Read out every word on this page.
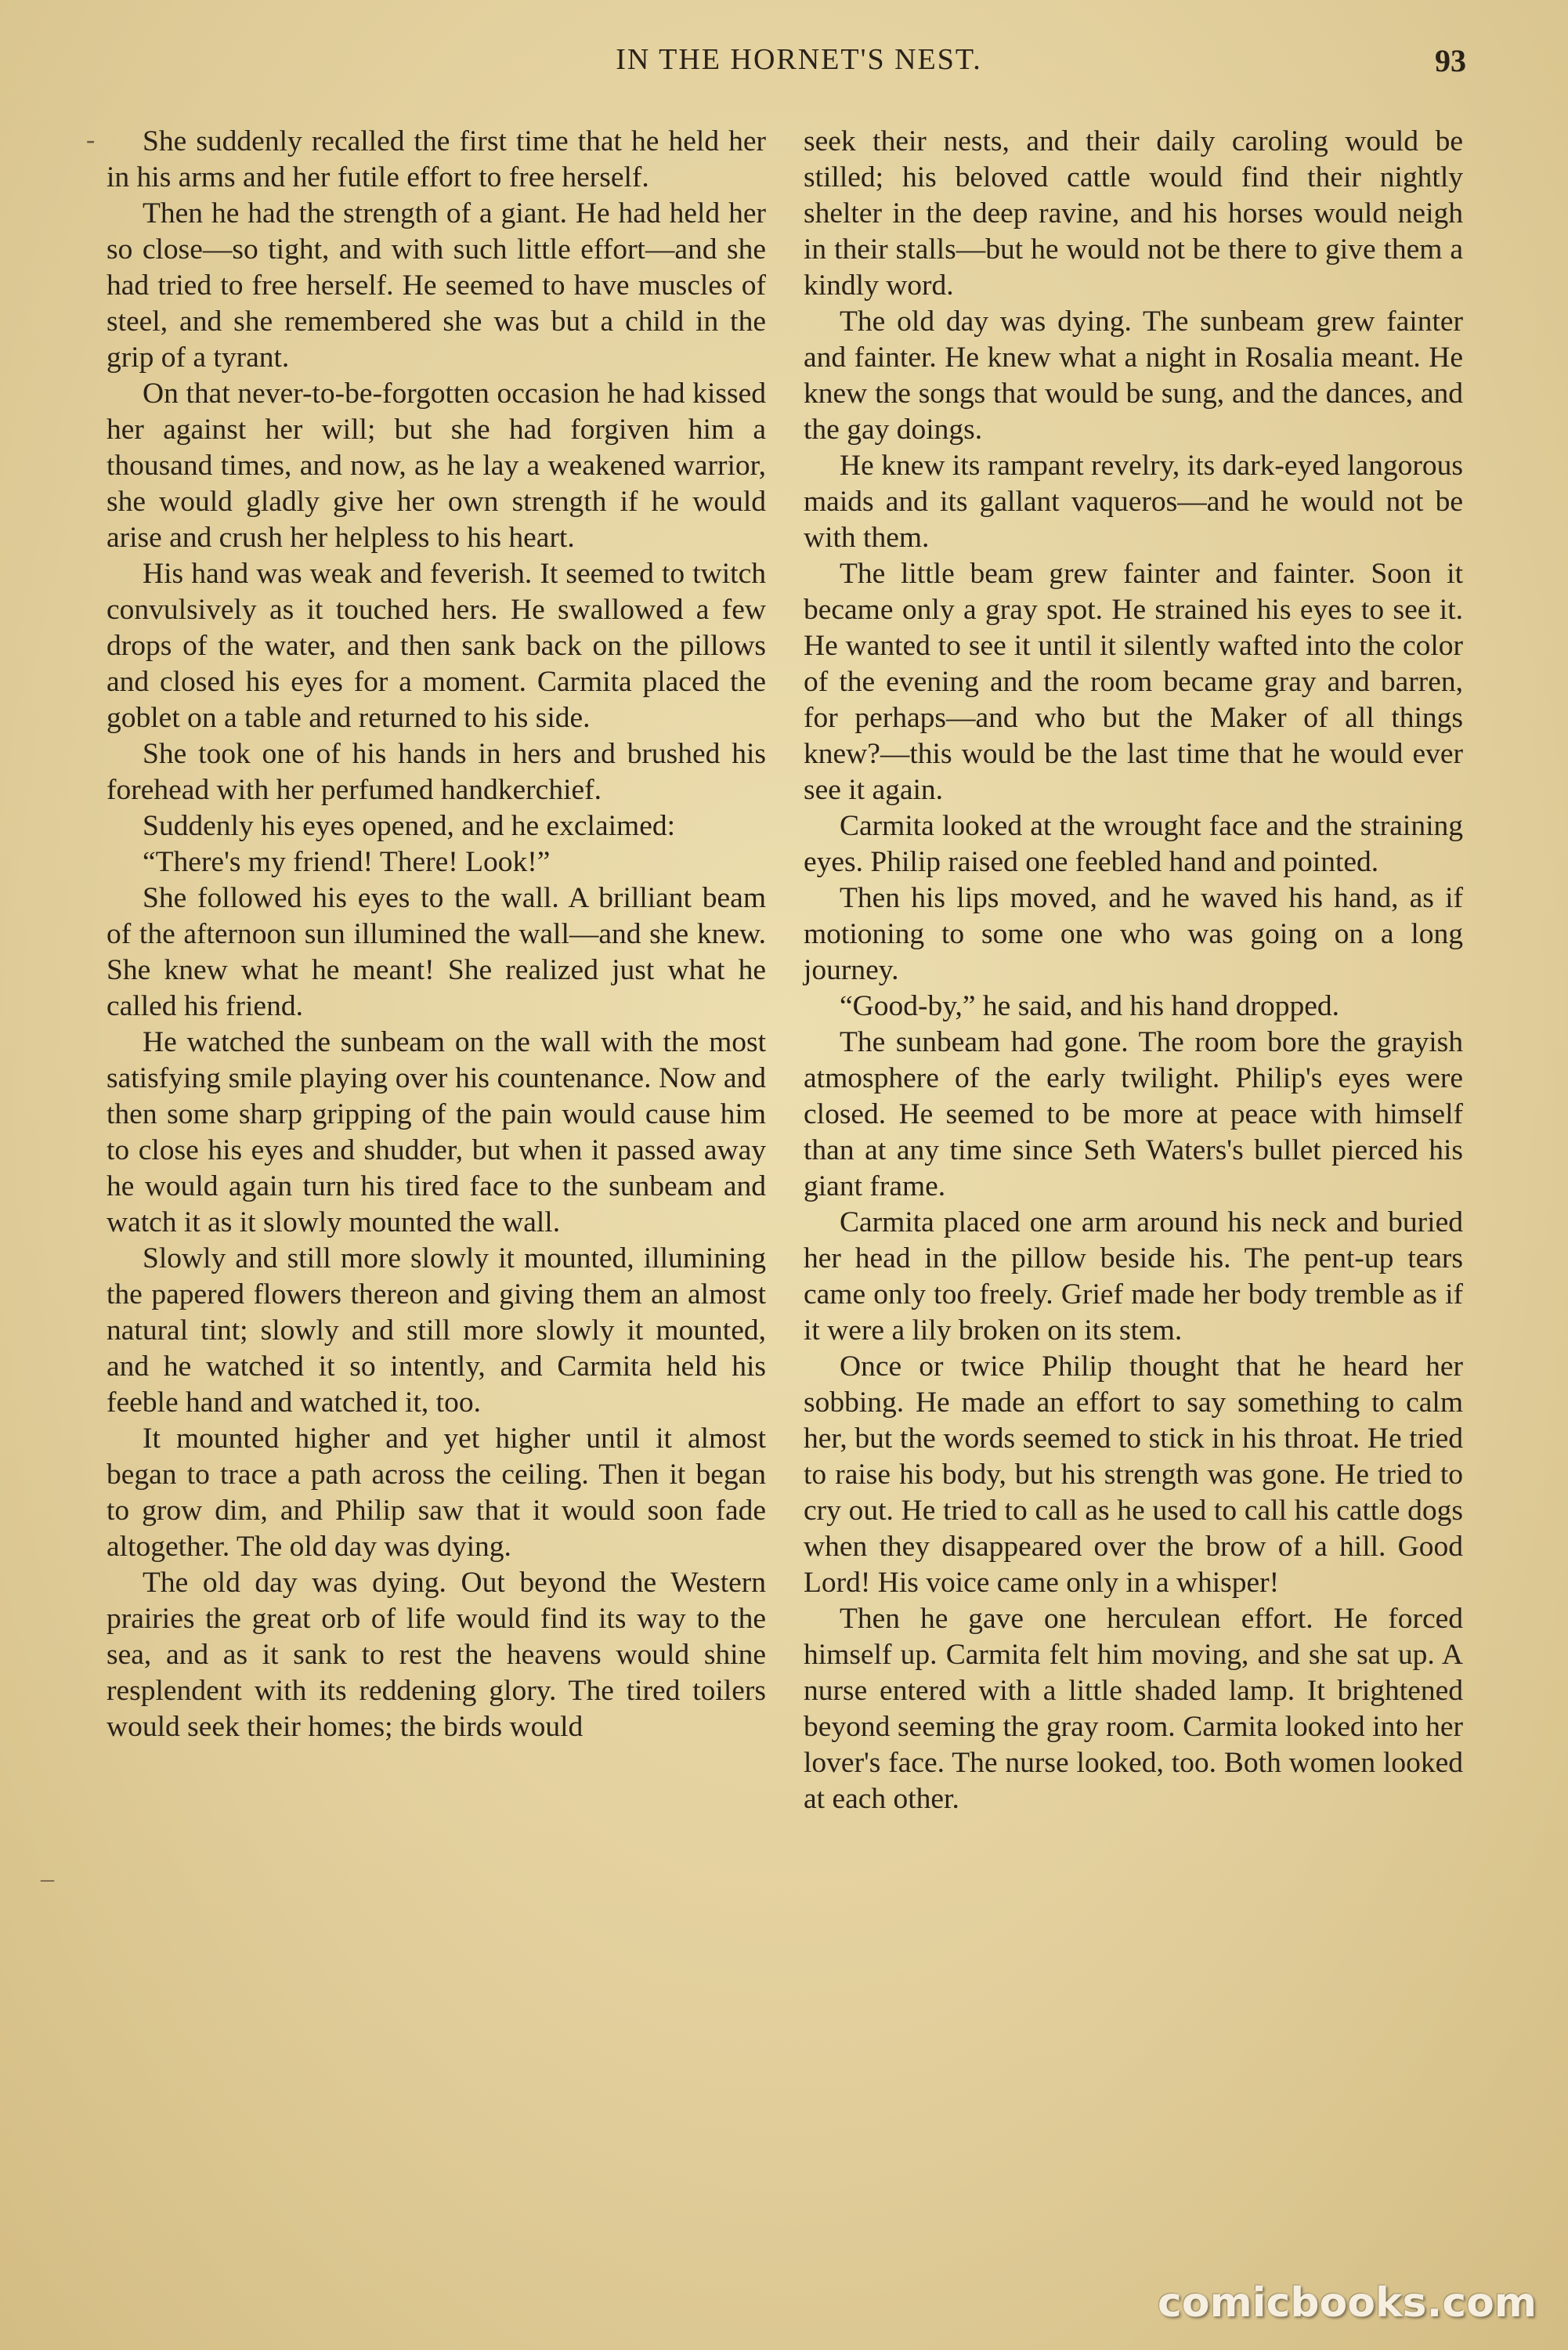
IN THE HORNET'S NEST.	93
‐
–

She suddenly recalled the first time that he held her in his arms and her futile effort to free herself.

Then he had the strength of a giant. He had held her so close—so tight, and with such little effort—and she had tried to free herself. He seemed to have muscles of steel, and she remembered she was but a child in the grip of a tyrant.

On that never-to-be-forgotten occasion he had kissed her against her will; but she had forgiven him a thousand times, and now, as he lay a weakened warrior, she would gladly give her own strength if he would arise and crush her helpless to his heart.

His hand was weak and feverish. It seemed to twitch convulsively as it touched hers. He swallowed a few drops of the water, and then sank back on the pillows and closed his eyes for a moment. Carmita placed the goblet on a table and returned to his side.

She took one of his hands in hers and brushed his forehead with her perfumed handkerchief.

Suddenly his eyes opened, and he exclaimed:

“There's my friend! There! Look!”

She followed his eyes to the wall. A brilliant beam of the afternoon sun illumined the wall—and she knew. She knew what he meant! She realized just what he called his friend.

He watched the sunbeam on the wall with the most satisfying smile playing over his countenance. Now and then some sharp gripping of the pain would cause him to close his eyes and shudder, but when it passed away he would again turn his tired face to the sunbeam and watch it as it slowly mounted the wall.

Slowly and still more slowly it mounted, illumining the papered flowers thereon and giving them an almost natural tint; slowly and still more slowly it mounted, and he watched it so intently, and Carmita held his feeble hand and watched it, too.

It mounted higher and yet higher until it almost began to trace a path across the ceiling. Then it began to grow dim, and Philip saw that it would soon fade altogether. The old day was dying.

The old day was dying. Out beyond the Western prairies the great orb of life would find its way to the sea, and as it sank to rest the heavens would shine resplendent with its reddening glory. The tired toilers would seek their homes; the birds would

seek their nests, and their daily caroling would be stilled; his beloved cattle would find their nightly shelter in the deep ravine, and his horses would neigh in their stalls—but he would not be there to give them a kindly word.

The old day was dying. The sunbeam grew fainter and fainter. He knew what a night in Rosalia meant. He knew the songs that would be sung, and the dances, and the gay doings.

He knew its rampant revelry, its dark-eyed langorous maids and its gallant vaqueros—and he would not be with them.

The little beam grew fainter and fainter. Soon it became only a gray spot. He strained his eyes to see it. He wanted to see it until it silently wafted into the color of the evening and the room became gray and barren, for perhaps—and who but the Maker of all things knew?—this would be the last time that he would ever see it again.

Carmita looked at the wrought face and the straining eyes. Philip raised one feebled hand and pointed.

Then his lips moved, and he waved his hand, as if motioning to some one who was going on a long journey.

“Good-by,” he said, and his hand dropped.

The sunbeam had gone. The room bore the grayish atmosphere of the early twilight. Philip's eyes were closed. He seemed to be more at peace with himself than at any time since Seth Waters's bullet pierced his giant frame.

Carmita placed one arm around his neck and buried her head in the pillow beside his. The pent-up tears came only too freely. Grief made her body tremble as if it were a lily broken on its stem.

Once or twice Philip thought that he heard her sobbing. He made an effort to say something to calm her, but the words seemed to stick in his throat. He tried to raise his body, but his strength was gone. He tried to cry out. He tried to call as he used to call his cattle dogs when they disappeared over the brow of a hill. Good Lord! His voice came only in a whisper!

Then he gave one herculean effort. He forced himself up. Carmita felt him moving, and she sat up. A nurse entered with a little shaded lamp. It brightened beyond seeming the gray room. Carmita looked into her lover's face. The nurse looked, too. Both women looked at each other.

comicbooks.com
